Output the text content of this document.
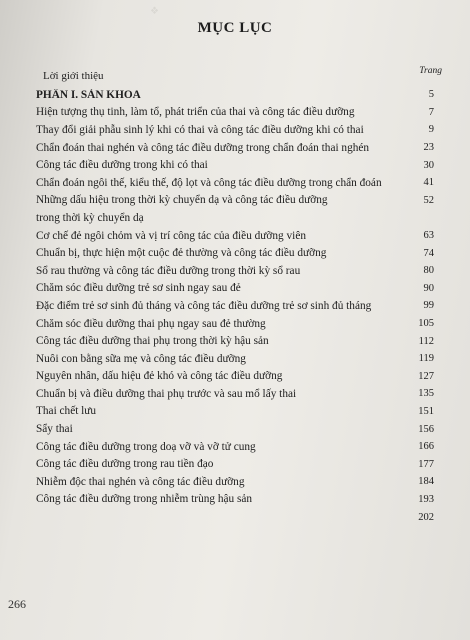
❖
MỤC LỤC
Lời giới thiệu	Trang
PHẦN I. SẢN KHOA	5
Hiện tượng thụ tinh, làm tổ, phát triển của thai và công tác điều dưỡng	7
Thay đổi giải phẫu sinh lý khi có thai và công tác điều dưỡng khi có thai	9
Chẩn đoán thai nghén và công tác điều dưỡng trong chẩn đoán thai nghén	23
Công tác điều dưỡng trong khi có thai	30
Chẩn đoán ngôi thế, kiểu thế, độ lọt và công tác điều dưỡng trong chẩn đoán	41
Những dấu hiệu trong thời kỳ chuyển dạ và công tác điều dưỡng	52
trong thời kỳ chuyển dạ
Cơ chế đẻ ngôi chỏm và vị trí công tác của điều dưỡng viên	63
Chuẩn bị, thực hiện một cuộc đẻ thường và công tác điều dưỡng	74
Sổ rau thường và công tác điều dưỡng trong thời kỳ sổ rau	80
Chăm sóc điều dưỡng trẻ sơ sinh ngay sau đẻ	90
Đặc điểm trẻ sơ sinh đủ tháng và công tác điều dưỡng trẻ sơ sinh đủ tháng	99
Chăm sóc điều dưỡng thai phụ ngay sau đẻ thường	105
Công tác điều dưỡng thai phụ trong thời kỳ hậu sản	112
Nuôi con bằng sữa mẹ và công tác điều dưỡng	119
Nguyên nhân, dấu hiệu đẻ khó và công tác điều dưỡng	127
Chuẩn bị và điều dưỡng thai phụ trước và sau mổ lấy thai	135
Thai chết lưu	151
Sẩy thai	156
Công tác điều dưỡng trong doạ vỡ và vỡ tử cung	166
Công tác điều dưỡng trong rau tiền đạo	177
Nhiễm độc thai nghén và công tác điều dưỡng	184
Công tác điều dưỡng trong nhiễm trùng hậu sản	193
202
266
